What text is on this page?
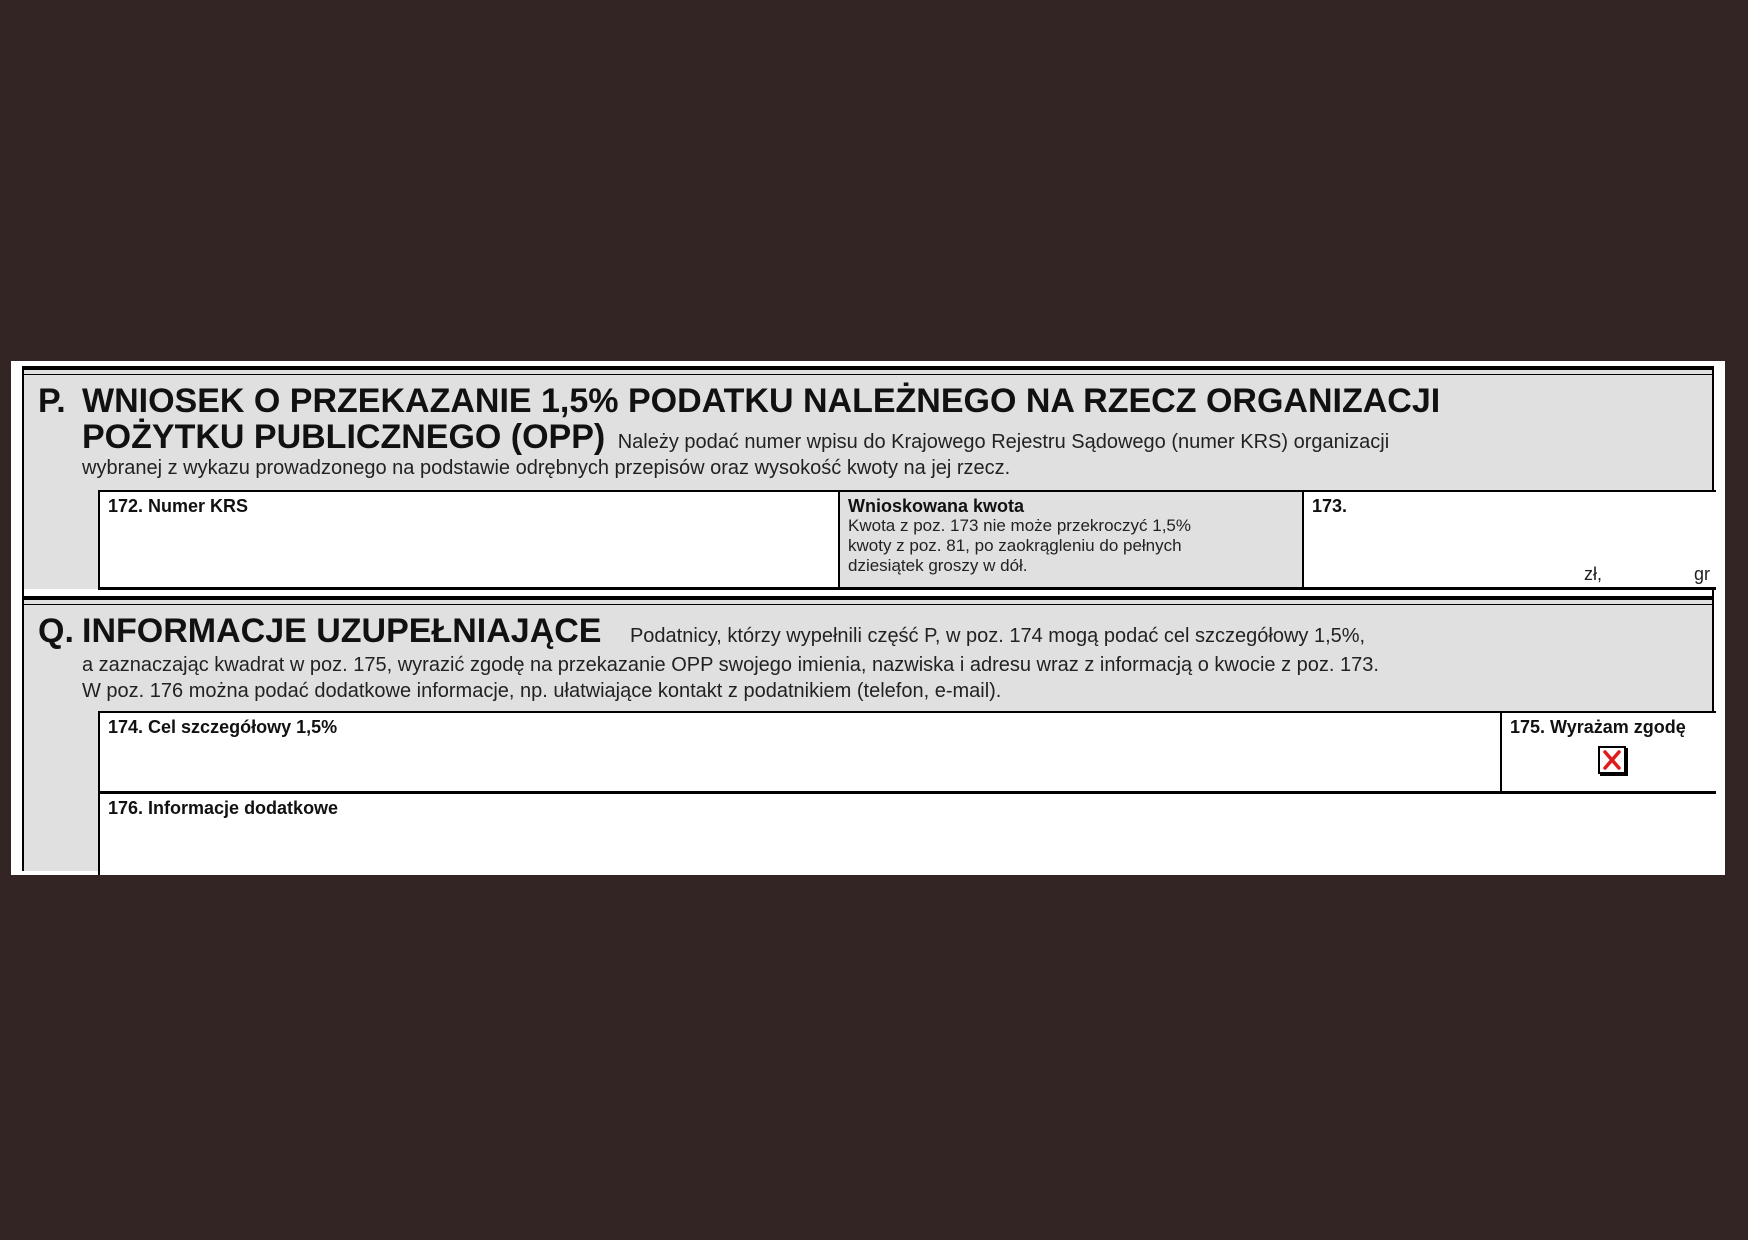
P. WNIOSEK O PRZEKAZANIE 1,5% PODATKU NALEŻNEGO NA RZECZ ORGANIZACJI
POŻYTKU PUBLICZNEGO (OPP) Należy podać numer wpisu do Krajowego Rejestru Sądowego (numer KRS) organizacji
wybranej z wykazu prowadzonego na podstawie odrębnych przepisów oraz wysokość kwoty na jej rzecz.
172. Numer KRS	Wnioskowana kwota
Kwota z poz. 173 nie może przekroczyć 1,5%
kwoty z poz. 81, po zaokrągleniu do pełnych
dziesiątek groszy w dół.
173.
zł,	gr
Q. INFORMACJE UZUPEŁNIAJĄCE Podatnicy, którzy wypełnili część P, w poz. 174 mogą podać cel szczegółowy 1,5%,
a zaznaczając kwadrat w poz. 175, wyrazić zgodę na przekazanie OPP swojego imienia, nazwiska i adresu wraz z informacją o kwocie z poz. 173.
W poz. 176 można podać dodatkowe informacje, np. ułatwiające kontakt z podatnikiem (telefon, e-mail).
174. Cel szczegółowy 1,5%	175. Wyrażam zgodę
176. Informacje dodatkowe
